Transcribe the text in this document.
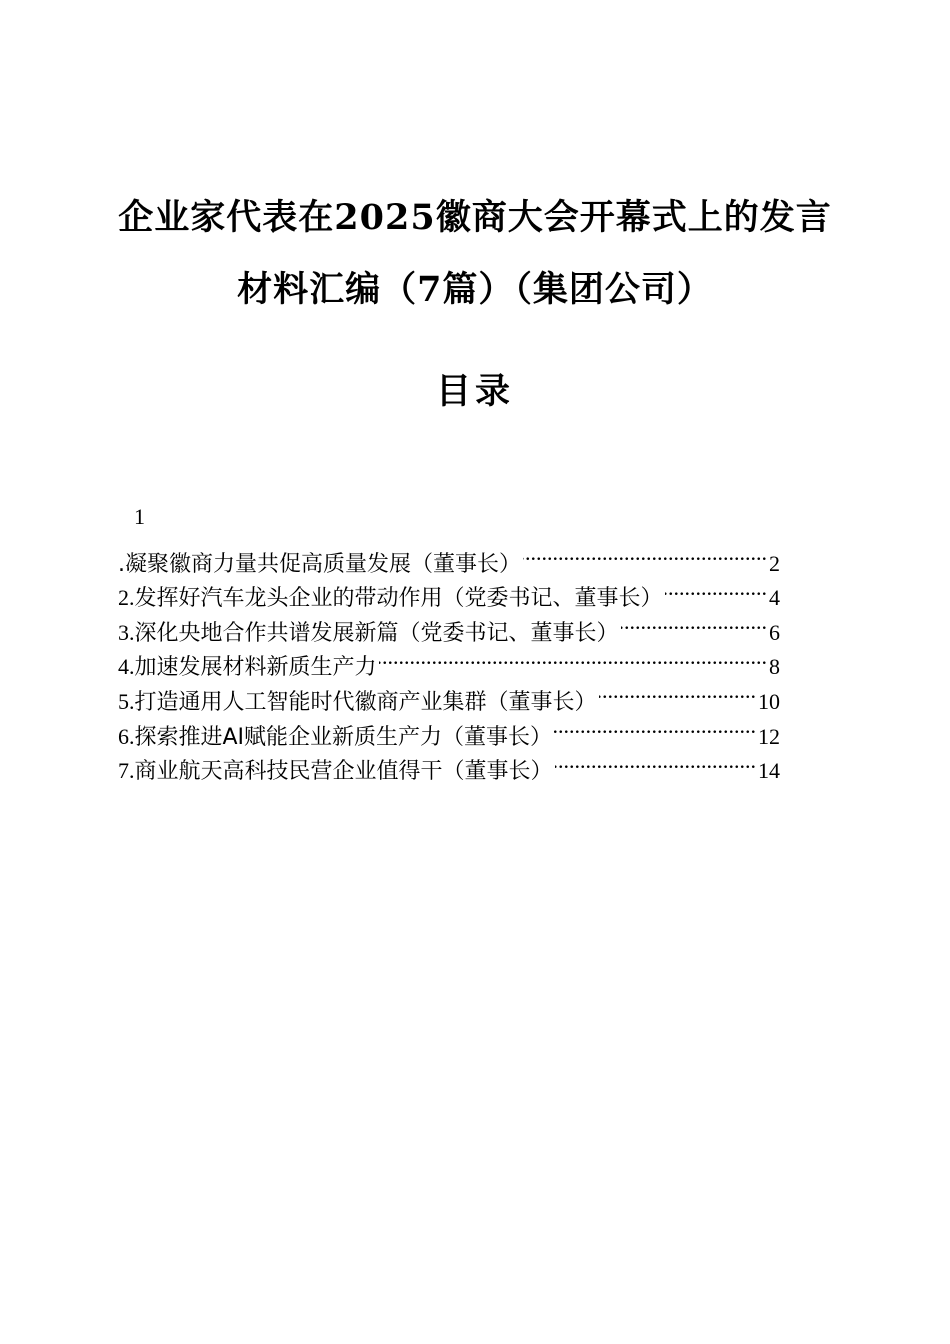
企业家代表在2025徽商大会开幕式上的发言
材料汇编（7篇）（集团公司）
目录
1
.凝聚徽商力量共促高质量发展（董事长） .....	2
2.发挥好汽车龙头企业的带动作用（党委书记、董事长） .....	4
3.深化央地合作共谱发展新篇（党委书记、董事长） .....	6
4.加速发展材料新质生产力 .....	8
5.打造通用人工智能时代徽商产业集群（董事长） .....	10
6.探索推进AI赋能企业新质生产力（董事长） .....	12
7.商业航天高科技民营企业值得干（董事长） .....	14
